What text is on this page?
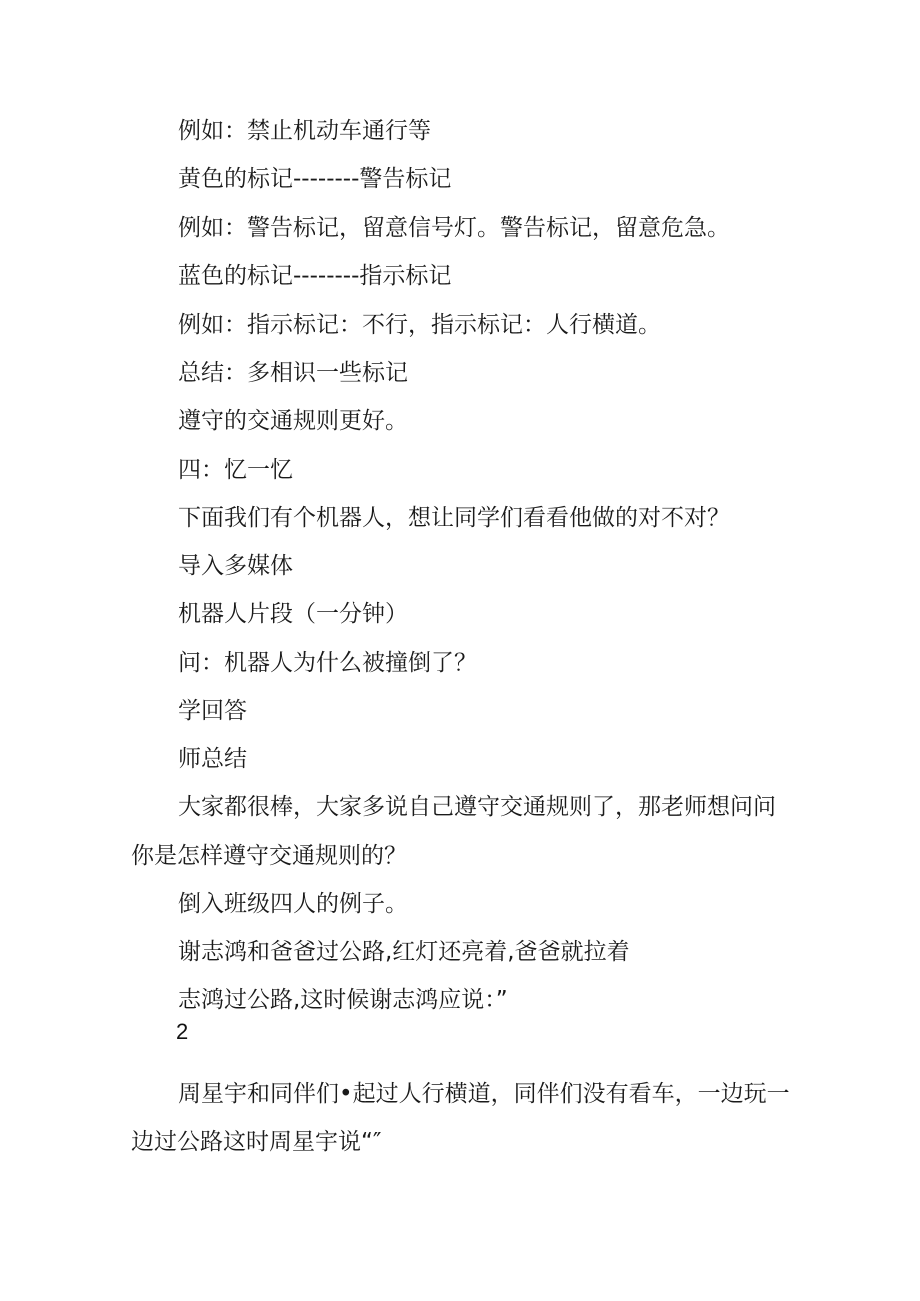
例如：禁止机动车通行等
黄色的标记--------警告标记
例如：警告标记，留意信号灯。警告标记，留意危急。
蓝色的标记--------指示标记
例如：指示标记：不行，指示标记：人行横道。
总结：多相识一些标记
遵守的交通规则更好。
四：忆一忆
下面我们有个机器人，想让同学们看看他做的对不对？
导入多媒体
机器人片段（一分钟）
问：机器人为什么被撞倒了？
学回答
师总结
大家都很棒，大家多说自己遵守交通规则了，那老师想问问
你是怎样遵守交通规则的？
倒入班级四人的例子。
谢志鸿和爸爸过公路,红灯还亮着,爸爸就拉着
志鸿过公路,这时候谢志鸿应说：”
2
周星宇和同伴们•起过人行横道，同伴们没有看车，一边玩一
边过公路这时周星宇说“″
